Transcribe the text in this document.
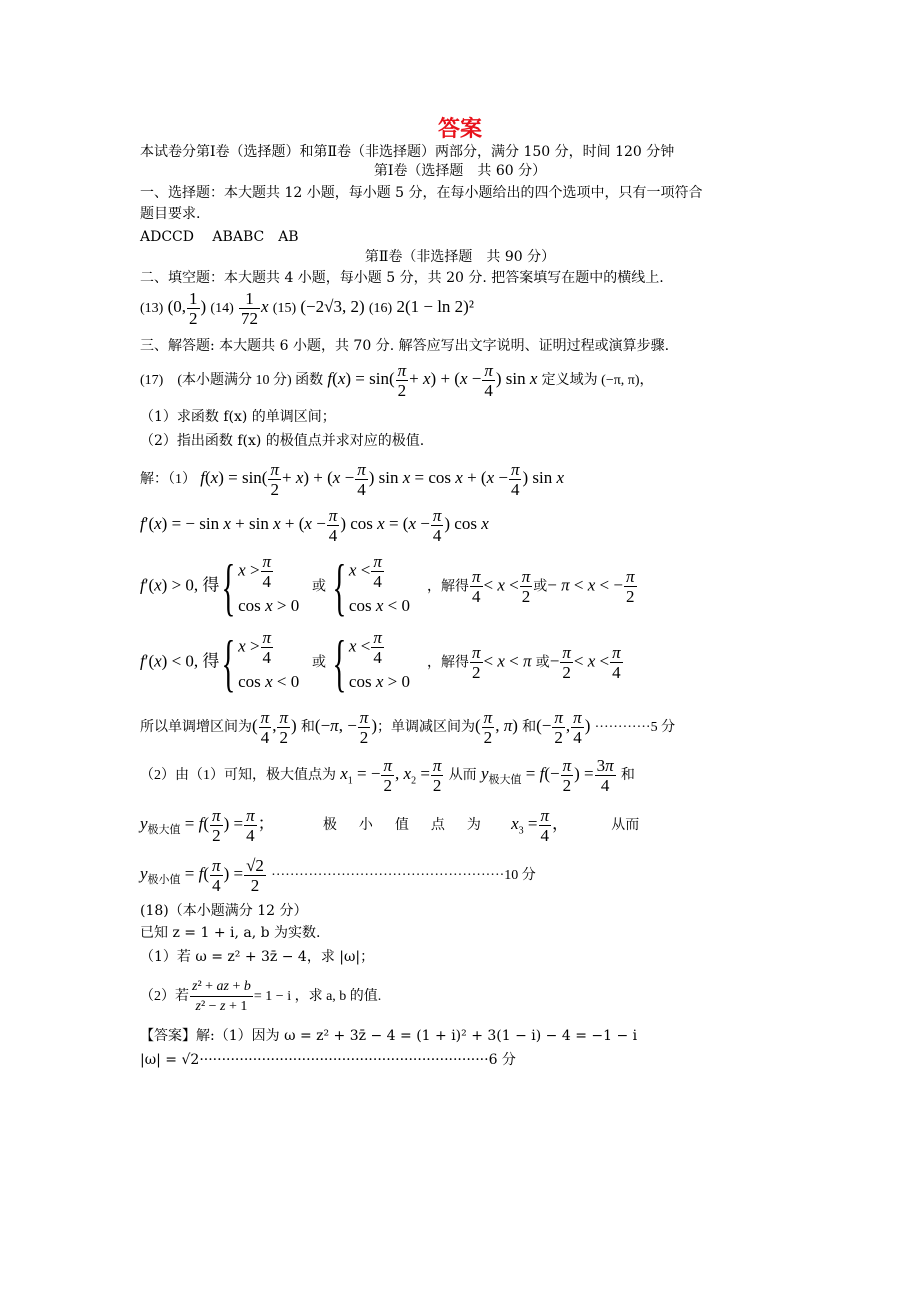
答案
本试卷分第Ⅰ卷（选择题）和第Ⅱ卷（非选择题）两部分，满分 150 分，时间 120 分钟
第Ⅰ卷（选择题　共 60 分）
一、选择题：本大题共 12 小题，每小题 5 分，在每小题给出的四个选项中，只有一项符合
题目要求.
ADCCD　 ABABC　AB
第Ⅱ卷（非选择题　共 90 分）
二、填空题：本大题共 4 小题，每小题 5 分，共 20 分. 把答案填写在题中的横线上.
(13) (0, $\frac{1}{2}$ ) $(14) \frac{1}{72}$ x (15) (−2√3, 2) (16) 2(1 − ln 2)²
三、解答题: 本大题共 6 小题，共 70 分. 解答应写出文字说明、证明过程或演算步骤.
(17)　(本小题满分 10 分) 函数 $f(x) = \sin( \frac{\pi}{2} + x) + (x - \frac{\pi}{4}$ ) sin x 定义域为 (−π, π)，
（1）求函数 f(x) 的单调区间；
（2）指出函数 f(x) 的极值点并求对应的极值.
解：（1） $f(x) = \sin( \frac{\pi}{2} + x) + (x - \frac{\pi}{4}$ ) $\sin x = \cos x + (x - \frac{\pi}{4}$ ) sin x
f′(x) = − $\sin x + \sin x + (x - \frac{\pi}{4}$ ) $\cos x = (x - \frac{\pi}{4}$ ) cos x
f′(x) > 0, 得{ $x > \frac{\pi}{4}$
cos x > 0
或 { $x < \frac{\pi}{4}$
cos x < 0
，解得 $\frac{\pi}{4} < x < \frac{\pi}{2}$ 或− π < x < − $\frac{\pi}{2}$
f′(x) < 0, 得{ $x > \frac{\pi}{4}$
cos x < 0
或 { $x < \frac{\pi}{4}$
cos x > 0
，解得 $\frac{\pi}{2} < x < \pi$ 或− $\frac{\pi}{2} < x < \frac{\pi}{4}$
所以单调增区间为( $\frac{\pi}{4}$ , $\frac{\pi}{2}$ ) 和(−π, − $\frac{\pi}{2}$ )；单调减区间为( $\frac{\pi}{2}$ , π) 和(− $\frac{\pi}{2}$ , $\frac{\pi}{4}$ ) ············5 分
（2）由（1）可知，极大值点为 $x_1$ = − $\frac{\pi}{2}$ , $x_2 = \frac{\pi}{2}$ 从而 $y_{极大值} = f(- \frac{\pi}{2}$ ) = $\frac{3\pi}{4}$ 和
$y_{极大值} = f( \frac{\pi}{2}$ ) = $\frac{\pi}{4}$ ；	极　小　值　点　为 $x_3 = \frac{\pi}{4}$ ，	从而
$y_{极小值} = f( \frac{\pi}{4}$ ) = $\frac{√2}{2} \cdot\cdot\cdot\cdot\cdot\cdot\cdot\cdot\cdot\cdot\cdot\cdot\cdot\cdot\cdot\cdot\cdot\cdot\cdot\cdot\cdot\cdot\cdot\cdot\cdot\cdot\cdot\cdot\cdot\cdot\cdot\cdot\cdot\cdot\cdot\cdot\cdot\cdot\cdot\cdot\cdot\cdot\cdot\cdot\cdot\cdot\cdot\cdot\cdot\cdot 10$ 分
(18)（本小题满分 12 分）
已知 z = 1 + i, a, b 为实数.
（1）若 ω = z² + 3z̄ − 4，求 |ω|；
（2）若 $\frac{\text{z² + az + b}}{\text{z² − z + 1}} = 1 - i$ ，求 a, b 的值.
【答案】解:（1）因为 ω = z² + 3z̄ − 4 = (1 + i)² + 3(1 − i) − 4 = −1 − i
|ω| = √2·································································6 分
